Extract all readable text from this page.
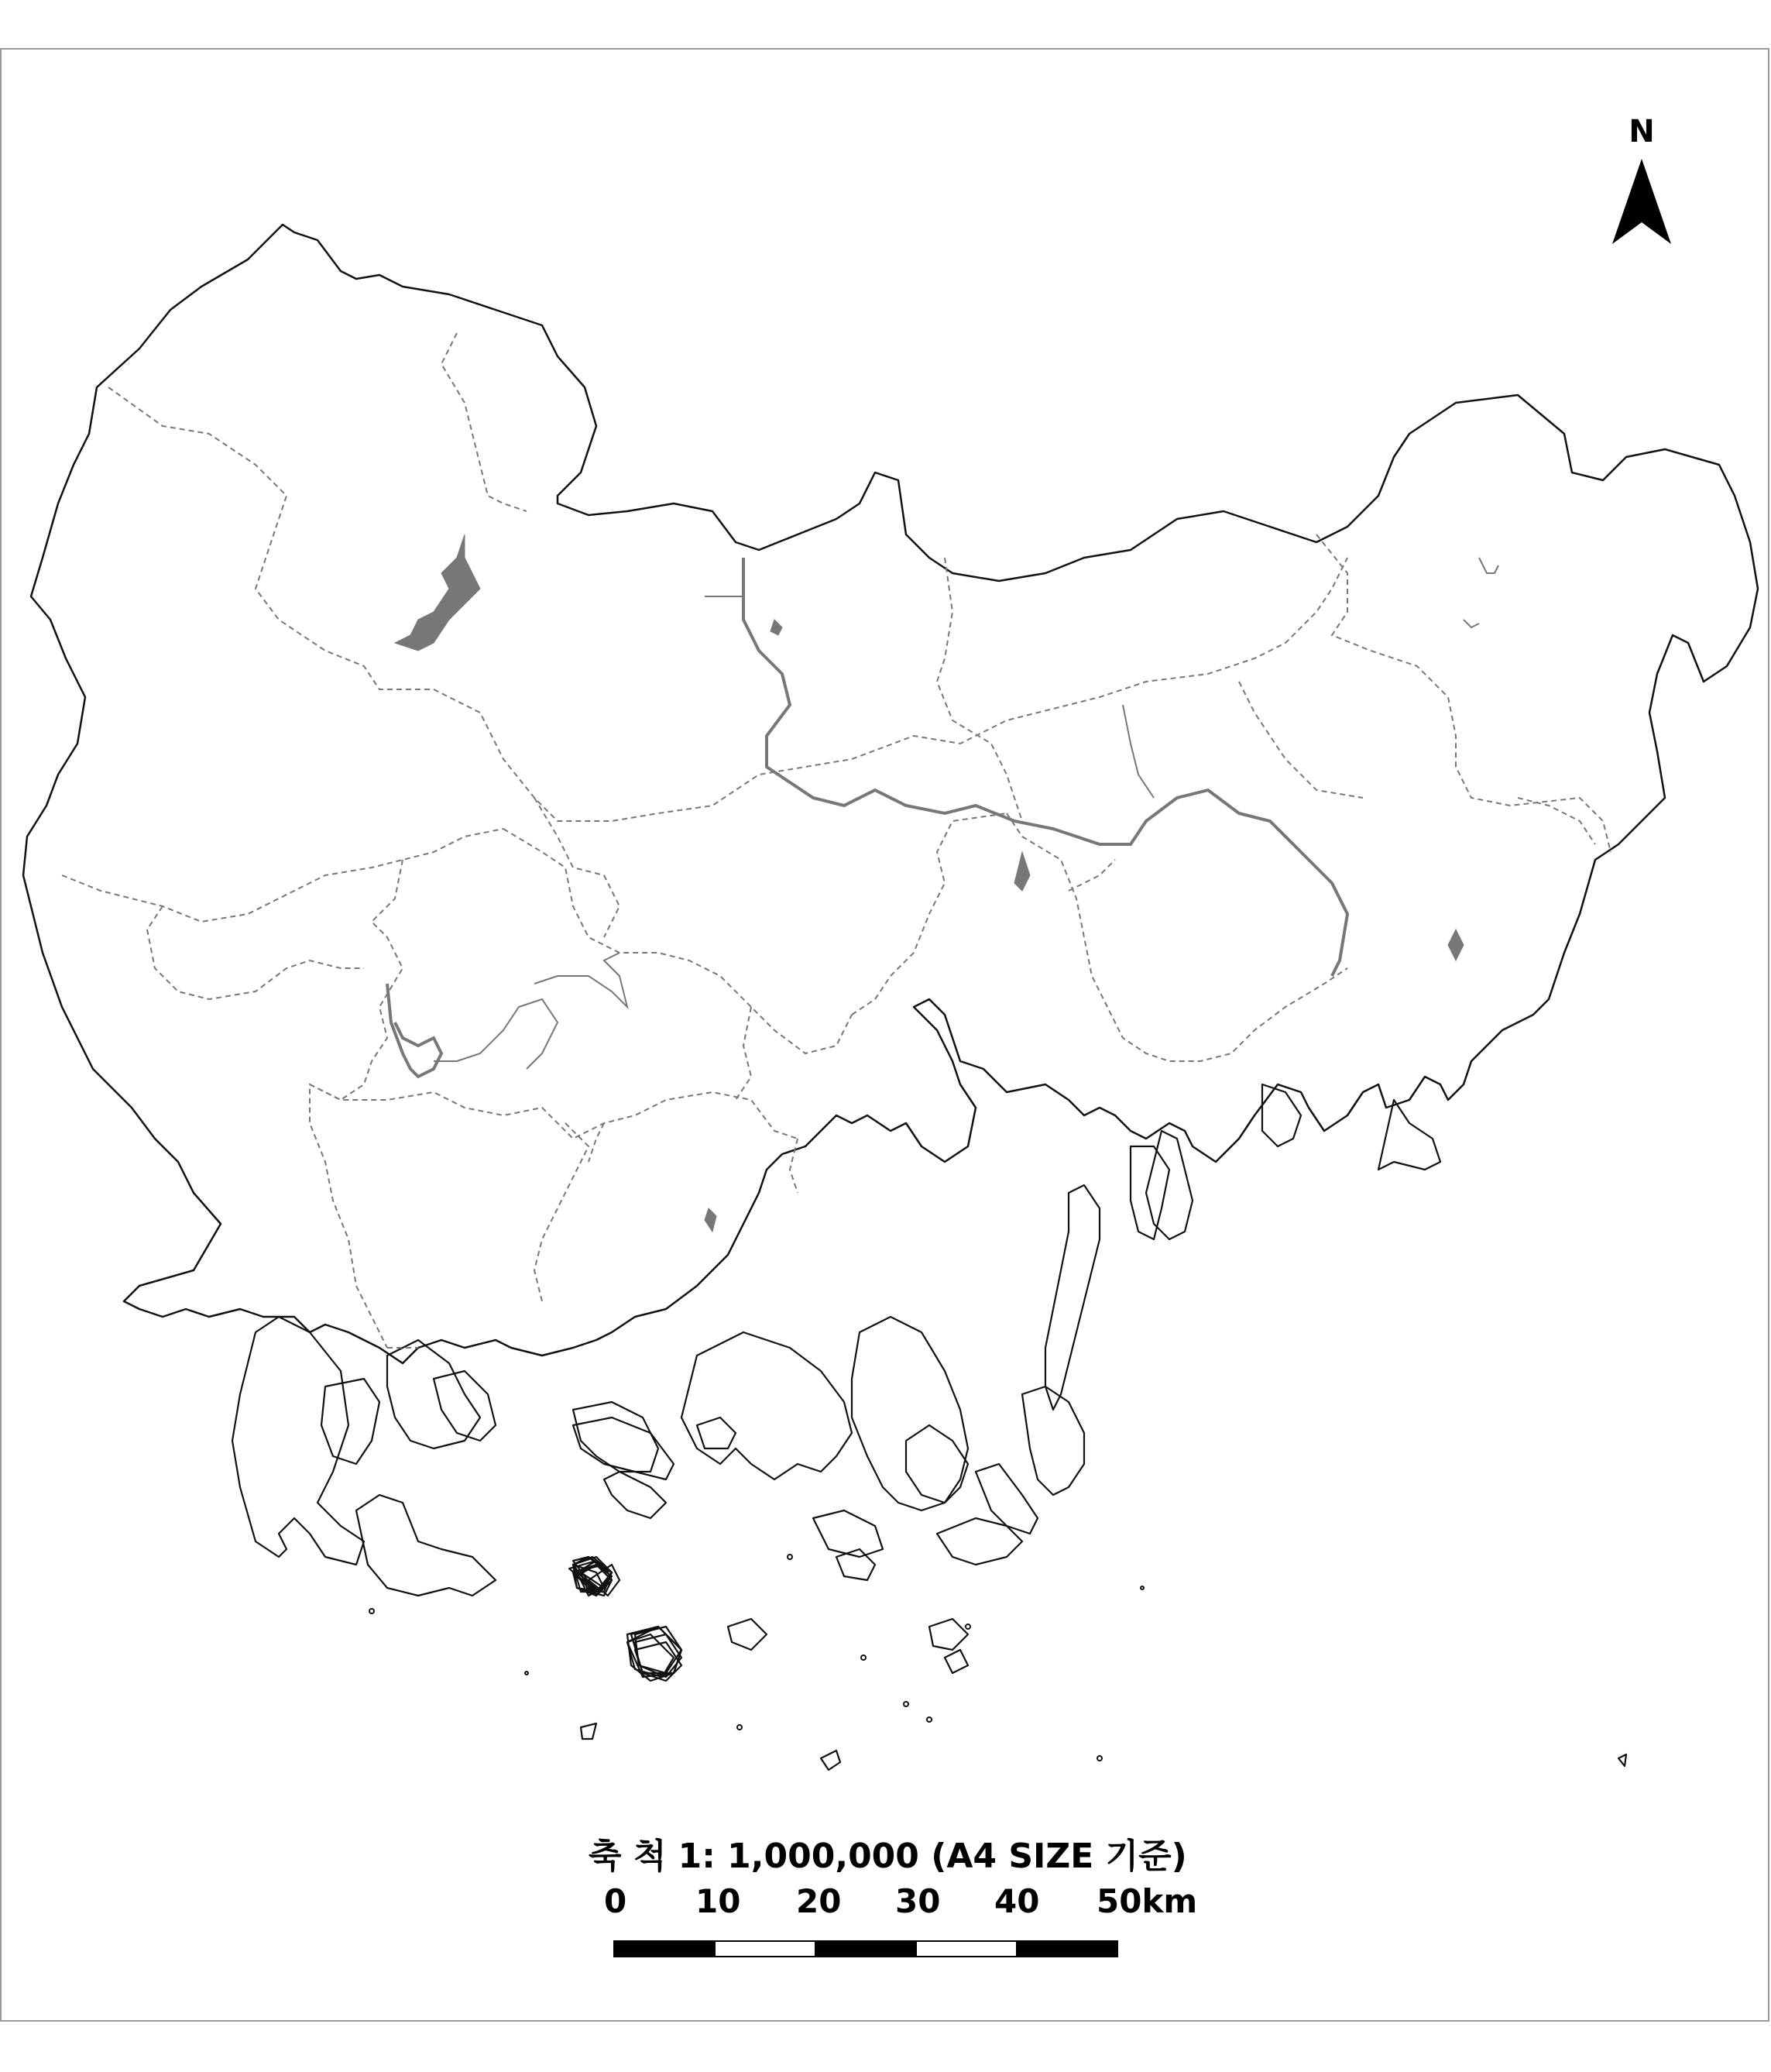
N
축 척 1: 1,000,000 (A4 SIZE 기준)
0 10 20 30 40 50km
